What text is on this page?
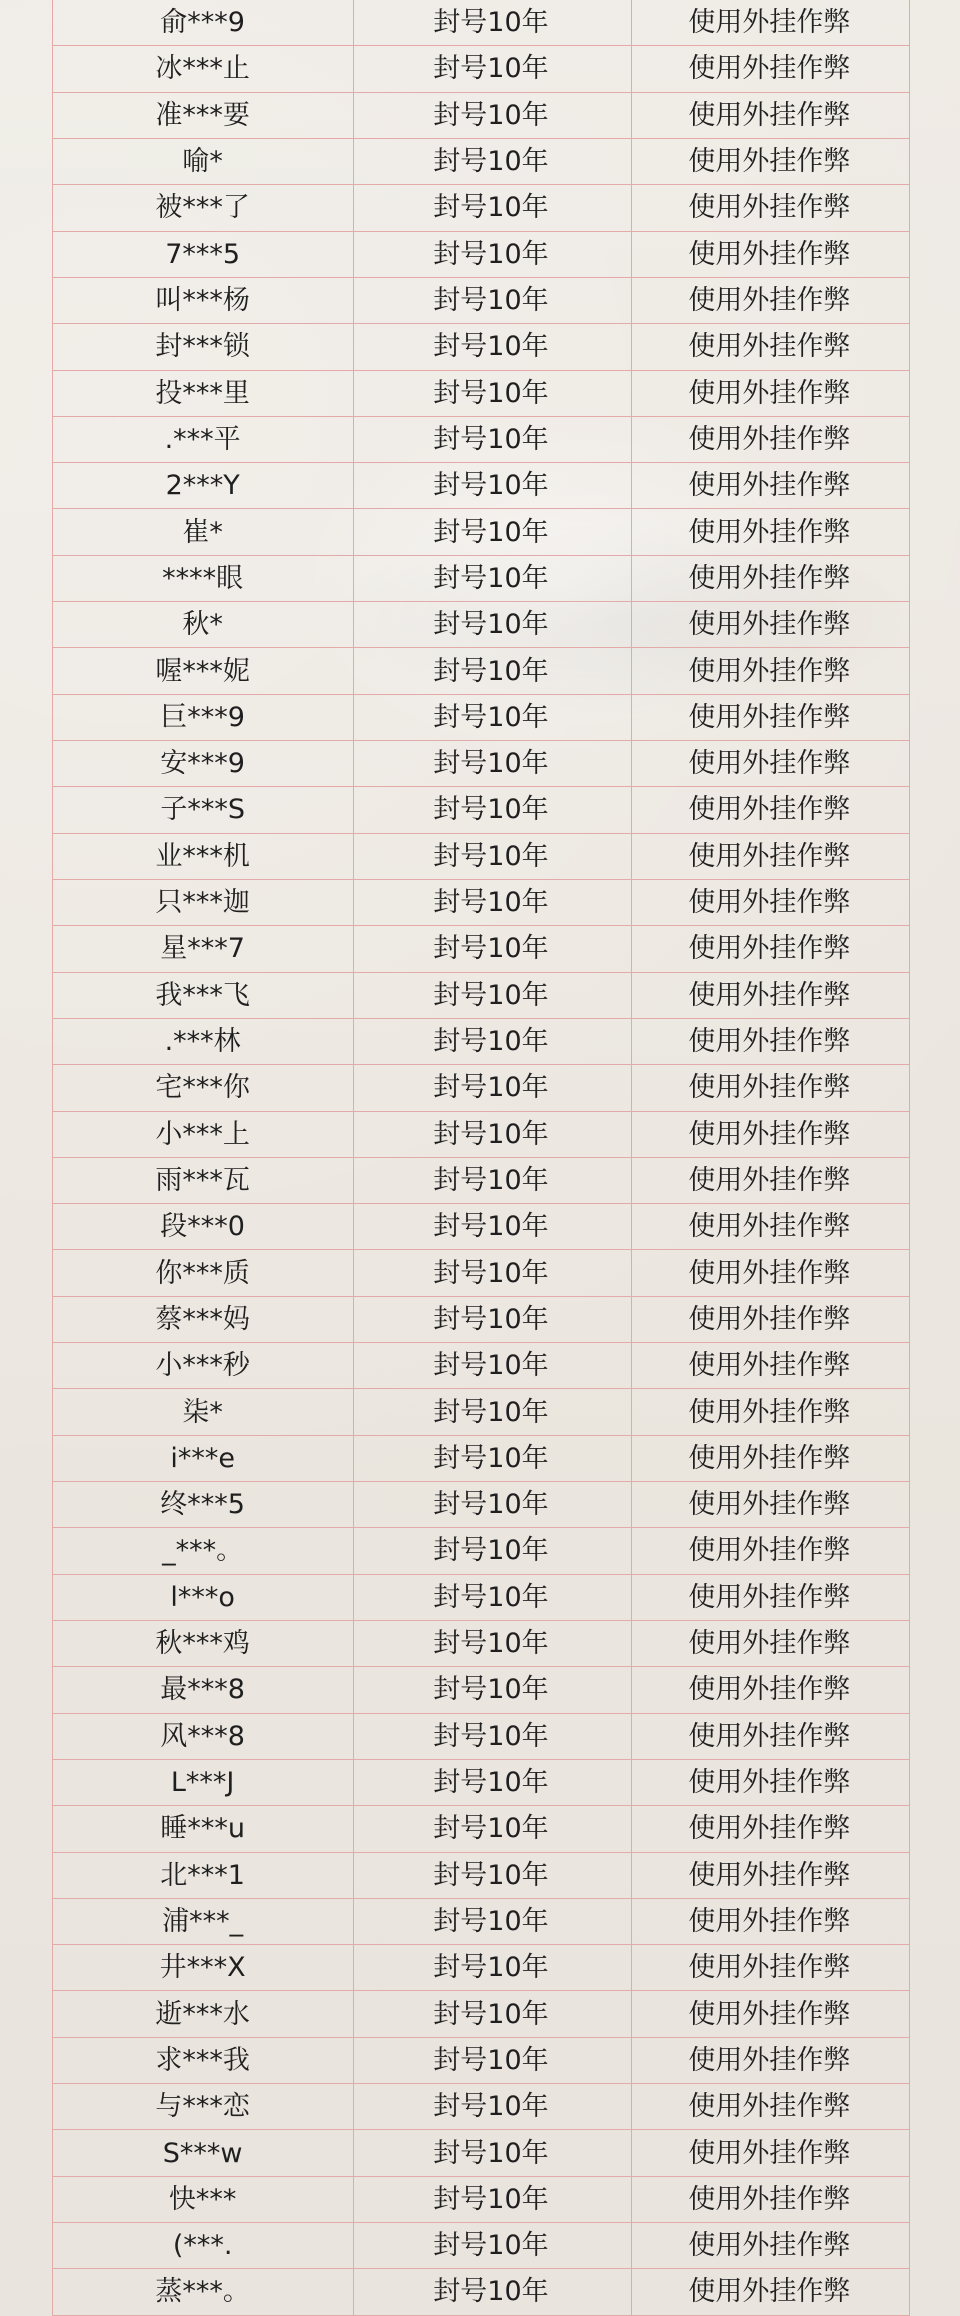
俞***9	封号10年	使用外挂作弊
冰***止	封号10年	使用外挂作弊
准***要	封号10年	使用外挂作弊
喻*	封号10年	使用外挂作弊
被***了	封号10年	使用外挂作弊
7***5	封号10年	使用外挂作弊
叫***杨	封号10年	使用外挂作弊
封***锁	封号10年	使用外挂作弊
投***里	封号10年	使用外挂作弊
.***平	封号10年	使用外挂作弊
2***Y	封号10年	使用外挂作弊
崔*	封号10年	使用外挂作弊
****眼	封号10年	使用外挂作弊
秋*	封号10年	使用外挂作弊
喔***妮	封号10年	使用外挂作弊
巨***9	封号10年	使用外挂作弊
安***9	封号10年	使用外挂作弊
子***S	封号10年	使用外挂作弊
业***机	封号10年	使用外挂作弊
只***迦	封号10年	使用外挂作弊
星***7	封号10年	使用外挂作弊
我***飞	封号10年	使用外挂作弊
.***林	封号10年	使用外挂作弊
宅***你	封号10年	使用外挂作弊
小***上	封号10年	使用外挂作弊
雨***瓦	封号10年	使用外挂作弊
段***0	封号10年	使用外挂作弊
你***质	封号10年	使用外挂作弊
蔡***妈	封号10年	使用外挂作弊
小***秒	封号10年	使用外挂作弊
柒*	封号10年	使用外挂作弊
i***e	封号10年	使用外挂作弊
终***5	封号10年	使用外挂作弊
_***。	封号10年	使用外挂作弊
l***o	封号10年	使用外挂作弊
秋***鸡	封号10年	使用外挂作弊
最***8	封号10年	使用外挂作弊
风***8	封号10年	使用外挂作弊
L***J	封号10年	使用外挂作弊
睡***u	封号10年	使用外挂作弊
北***1	封号10年	使用外挂作弊
浦***_	封号10年	使用外挂作弊
井***X	封号10年	使用外挂作弊
逝***水	封号10年	使用外挂作弊
求***我	封号10年	使用外挂作弊
与***恋	封号10年	使用外挂作弊
S***w	封号10年	使用外挂作弊
快***	封号10年	使用外挂作弊
(***.	封号10年	使用外挂作弊
蒸***。	封号10年	使用外挂作弊
